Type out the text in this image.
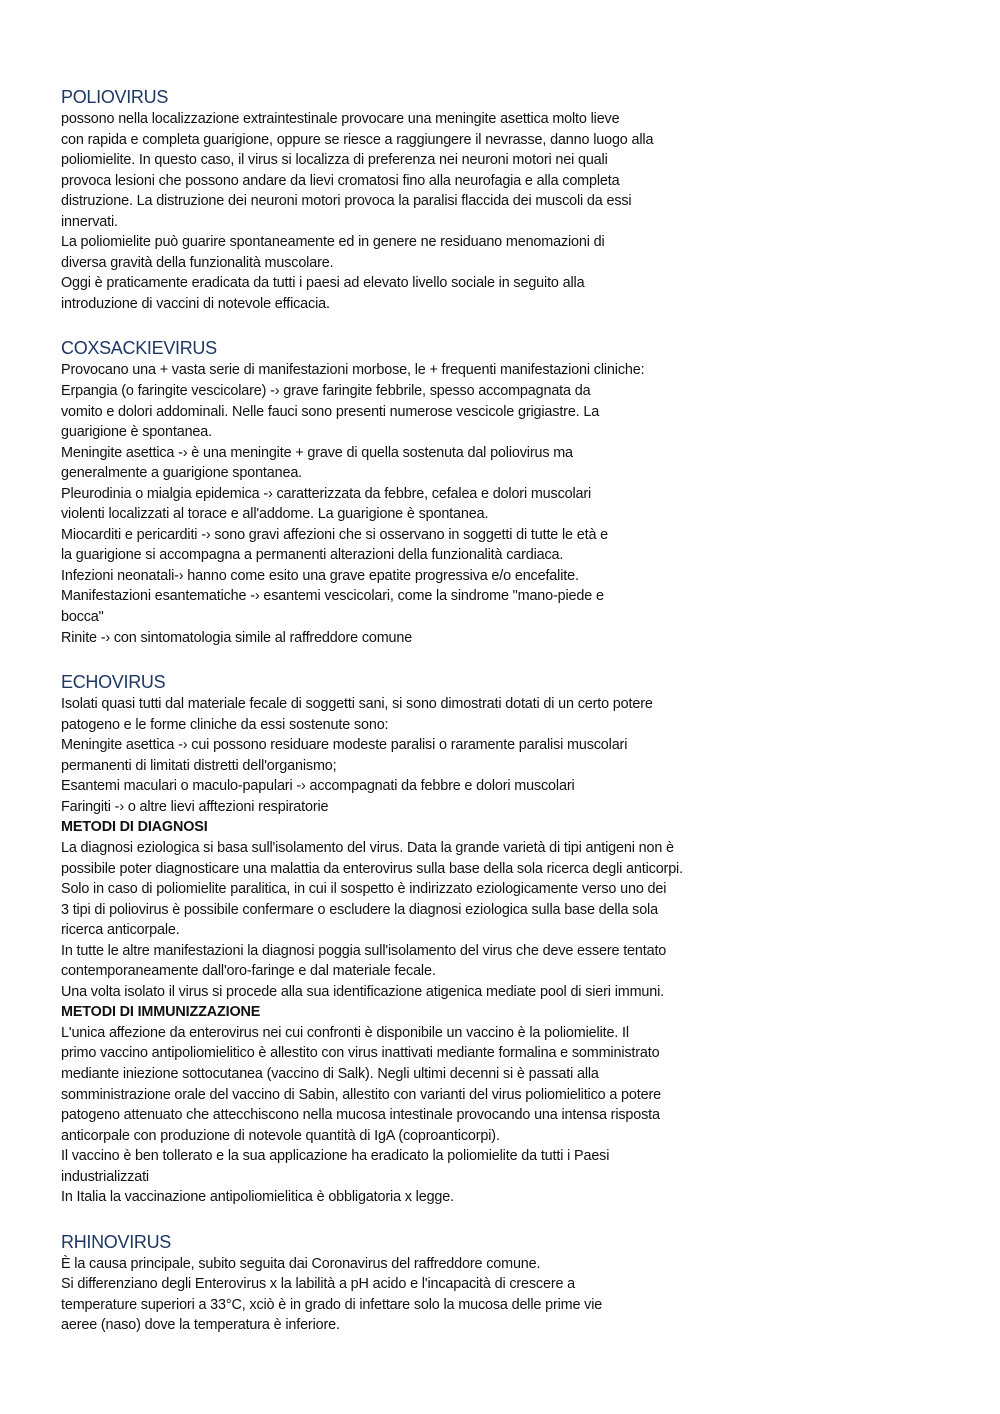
POLIOVIRUS
possono nella localizzazione extraintestinale provocare una meningite asettica molto lieve
con rapida e completa guarigione, oppure se riesce a raggiungere il nevrasse, danno luogo alla
poliomielite. In questo caso, il virus si localizza di preferenza nei neuroni motori nei quali
provoca lesioni che possono andare da lievi cromatosi fino alla neurofagia e alla completa
distruzione. La distruzione dei neuroni motori provoca la paralisi flaccida dei muscoli da essi
innervati.
La poliomielite può guarire spontaneamente ed in genere ne residuano menomazioni di
diversa gravità della funzionalità muscolare.
Oggi è praticamente eradicata da tutti i paesi ad elevato livello sociale in seguito alla
introduzione di vaccini di notevole efficacia.
COXSACKIEVIRUS
Provocano una + vasta serie di manifestazioni morbose, le + frequenti manifestazioni cliniche:
Erpangia (o faringite vescicolare) -› grave faringite febbrile, spesso accompagnata da
vomito e dolori addominali. Nelle fauci sono presenti numerose vescicole grigiastre. La
guarigione è spontanea.
Meningite asettica -› è una meningite + grave di quella sostenuta dal poliovirus ma
generalmente a guarigione spontanea.
Pleurodinia o mialgia epidemica -› caratterizzata da febbre, cefalea e dolori muscolari
violenti localizzati al torace e all'addome. La guarigione è spontanea.
Miocarditi e pericarditi -› sono gravi affezioni che si osservano in soggetti di tutte le età e
la guarigione si accompagna a permanenti alterazioni della funzionalità cardiaca.
Infezioni neonatali-› hanno come esito una grave epatite progressiva e/o encefalite.
Manifestazioni esantematiche -› esantemi vescicolari, come la sindrome "mano-piede e
bocca"
Rinite -› con sintomatologia simile al raffreddore comune
ECHOVIRUS
Isolati quasi tutti dal materiale fecale di soggetti sani, si sono dimostrati dotati di un certo potere
patogeno e le forme cliniche da essi sostenute sono:
Meningite asettica -› cui possono residuare modeste paralisi o raramente paralisi muscolari
permanenti di limitati distretti dell'organismo;
Esantemi maculari o maculo-papulari -› accompagnati da febbre e dolori muscolari
Faringiti -› o altre lievi afftezioni respiratorie
METODI DI DIAGNOSI
La diagnosi eziologica si basa sull'isolamento del virus. Data la grande varietà di tipi antigeni non è
possibile poter diagnosticare una malattia da enterovirus sulla base della sola ricerca degli anticorpi.
Solo in caso di poliomielite paralitica, in cui il sospetto è indirizzato eziologicamente verso uno dei
3 tipi di poliovirus è possibile confermare o escludere la diagnosi eziologica sulla base della sola
ricerca anticorpale.
In tutte le altre manifestazioni la diagnosi poggia sull'isolamento del virus che deve essere tentato
contemporaneamente dall'oro-faringe e dal materiale fecale.
Una volta isolato il virus si procede alla sua identificazione atigenica mediate pool di sieri immuni.
METODI DI IMMUNIZZAZIONE
L'unica affezione da enterovirus nei cui confronti è disponibile un vaccino è la poliomielite. Il
primo vaccino antipoliomielitico è allestito con virus inattivati mediante formalina e somministrato
mediante iniezione sottocutanea (vaccino di Salk). Negli ultimi decenni si è passati alla
somministrazione orale del vaccino di Sabin, allestito con varianti del virus poliomielitico a potere
patogeno attenuato che attecchiscono nella mucosa intestinale provocando una intensa risposta
anticorpale con produzione di notevole quantità di IgA (coproanticorpi).
Il vaccino è ben tollerato e la sua applicazione ha eradicato la poliomielite da tutti i Paesi
industrializzati
In Italia la vaccinazione antipoliomielitica è obbligatoria x legge.
RHINOVIRUS
È la causa principale, subito seguita dai Coronavirus del raffreddore comune.
Si differenziano degli Enterovirus x la labilità a pH acido e l'incapacità di crescere a
temperature superiori a 33°C, xciò è in grado di infettare solo la mucosa delle prime vie
aeree (naso) dove la temperatura è inferiore.
